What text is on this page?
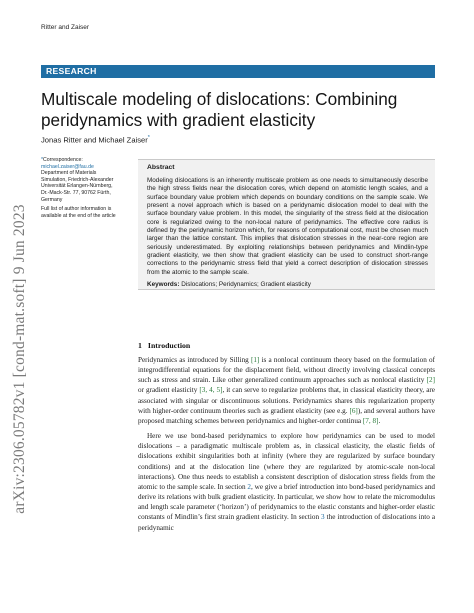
Ritter and Zaiser
RESEARCH
Multiscale modeling of dislocations: Combining
peridynamics with gradient elasticity
Jonas Ritter and Michael Zaiser*
arXiv:2306.05782v1 [cond-mat.soft] 9 Jun 2023
*Correspondence:

michael.zaiser@fau.de
Department of Materials
Simulation, Friedrich-Alexander
Universität Erlangen-Nürnberg,
Dr.-Mack-Str. 77, 90762 Fürth,
Germany
Full list of author information is
available at the end of the article

Abstract

Modeling dislocations is an inherently multiscale problem as one needs to simultaneously describe the high stress fields near the dislocation cores, which depend on atomistic length scales, and a surface boundary value problem which depends on boundary conditions on the sample scale. We present a novel approach which is based on a peridynamic dislocation model to deal with the surface boundary value problem. In this model, the singularity of the stress field at the dislocation core is regularized owing to the non-local nature of peridynamics. The effective core radius is defined by the peridynamic horizon which, for reasons of computational cost, must be chosen much larger than the lattice constant. This implies that dislocation stresses in the near-core region are seriously underestimated. By exploiting relationships between peridynamics and Mindlin-type gradient elasticity, we then show that gradient elasticity can be used to construct short-range corrections to the peridynamic stress field that yield a correct description of dislocation stresses from the atomic to the sample scale.

Keywords: Dislocations; Peridynamics; Gradient elasticity
1 Introduction

Peridynamics as introduced by Silling [1] is a nonlocal continuum theory based on the formulation of integrodifferential equations for the displacement field, without directly involving classical concepts such as stress and strain. Like other generalized continuum approaches such as nonlocal elasticity [2] or gradient elasticity [3, 4, 5], it can serve to regularize problems that, in classical elasticity theory, are associated with singular or discontinuous solutions. Peridynamics shares this regularization property with higher-order continuum theories such as gradient elasticity (see e.g. [6]), and several authors have proposed matching schemes between peridynamics and higher-order continua [7, 8].

Here we use bond-based peridynamics to explore how peridynamics can be used to model dislocations – a paradigmatic multiscale problem as, in classical elasticity, the elastic fields of dislocations exhibit singularities both at infinity (where they are regularized by surface boundary conditions) and at the dislocation line (where they are regularized by atomic-scale non-local interactions). One thus needs to establish a consistent description of dislocation stress fields from the atomic to the sample scale. In section 2, we give a brief introduction into bond-based peridynamics and derive its relations with bulk gradient elasticity. In particular, we show how to relate the micromodulus and length scale parameter (‘horizon’) of peridynamics to the elastic constants and higher-order elastic constants of Mindlin’s first strain gradient elasticity. In section 3 the introduction of dislocations into a peridynamic
